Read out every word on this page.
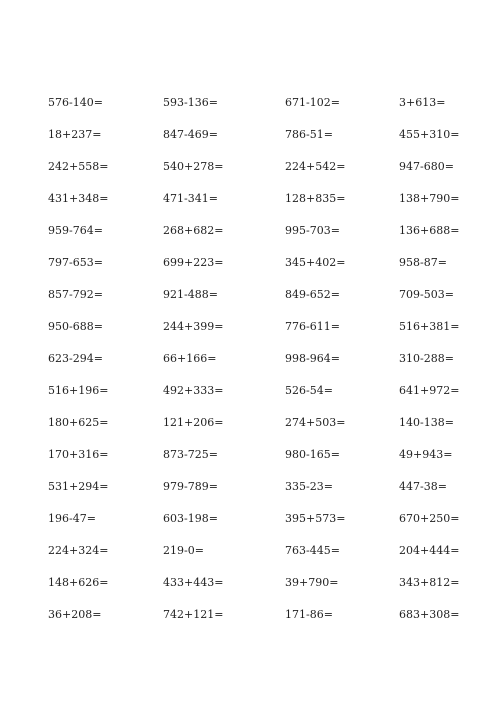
576-140=	593-136=	671-102=	3+613=
18+237=	847-469=	786-51=	455+310=
242+558=	540+278=	224+542=	947-680=
431+348=	471-341=	128+835=	138+790=
959-764=	268+682=	995-703=	136+688=
797-653=	699+223=	345+402=	958-87=
857-792=	921-488=	849-652=	709-503=
950-688=	244+399=	776-611=	516+381=
623-294=	66+166=	998-964=	310-288=
516+196=	492+333=	526-54=	641+972=
180+625=	121+206=	274+503=	140-138=
170+316=	873-725=	980-165=	49+943=
531+294=	979-789=	335-23=	447-38=
196-47=	603-198=	395+573=	670+250=
224+324=	219-0=	763-445=	204+444=
148+626=	433+443=	39+790=	343+812=
36+208=	742+121=	171-86=	683+308=
